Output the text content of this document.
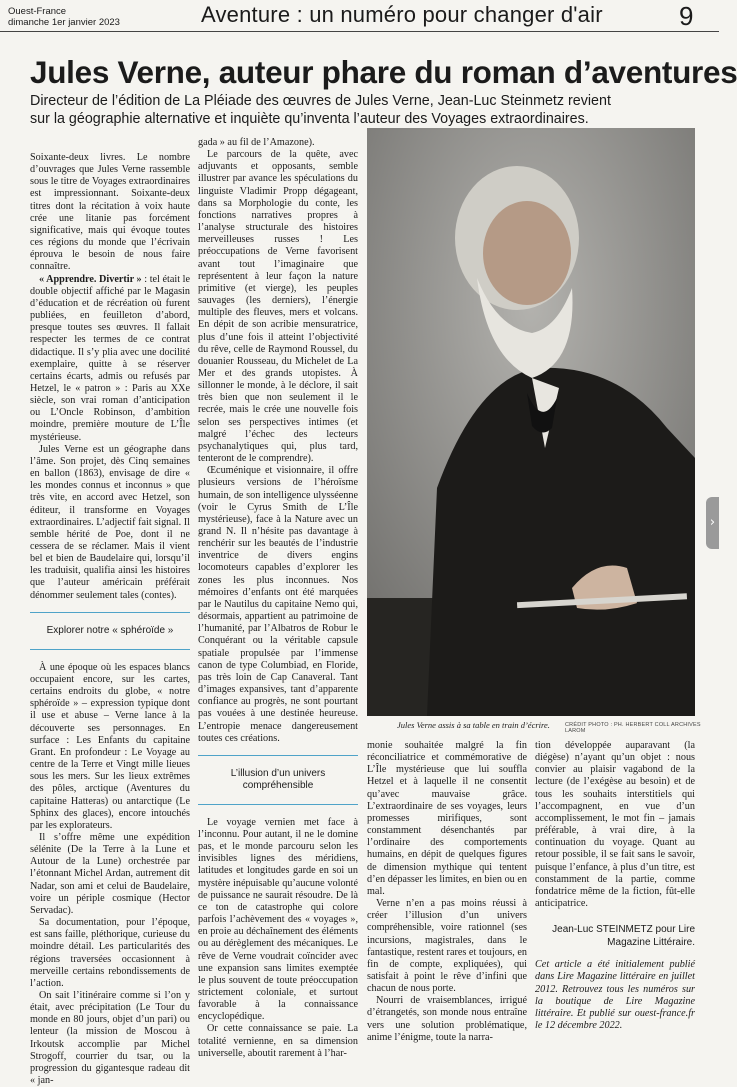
Ouest-France
dimanche 1er janvier 2023	Aventure : un numéro pour changer d'air	9
Jules Verne, auteur phare du roman d’aventures
Directeur de l’édition de La Pléiade des œuvres de Jules Verne, Jean-Luc Steinmetz revient sur la géographie alternative et inquiète qu’inventa l’auteur des Voyages extraordinaires.

Soixante-deux livres. Le nombre d’ouvrages que Jules Verne rassemble sous le titre de Voyages extraordinaires est impressionnant. Soixante-deux titres dont la récitation à voix haute crée une litanie pas forcément significative, mais qui évoque toutes ces régions du monde que l’écrivain éprouva le besoin de nous faire connaître.

« Apprendre. Divertir » : tel était le double objectif affiché par le Magasin d’éducation et de récréation où furent publiées, en feuilleton d’abord, presque toutes ses œuvres. Il fallait respecter les termes de ce contrat didactique. Il s’y plia avec une docilité exemplaire, quitte à se réserver certains écarts, admis ou refusés par Hetzel, le « patron » : Paris au XXe siècle, son vrai roman d’anticipation ou L’Oncle Robinson, d’ambition moindre, première mouture de L’Île mystérieuse.

Jules Verne est un géographe dans l’âme. Son projet, dès Cinq semaines en ballon (1863), envisage de dire « les mondes connus et inconnus » que très vite, en accord avec Hetzel, son éditeur, il transforme en Voyages extraordinaires. L’adjectif fait signal. Il semble hérité de Poe, dont il ne cessera de se réclamer. Mais il vient bel et bien de Baudelaire qui, lorsqu’il les traduisit, qualifia ainsi les histoires que l’auteur américain préférait dénommer seulement tales (contes).

Explorer notre « sphéroïde »

À une époque où les espaces blancs occupaient encore, sur les cartes, certains endroits du globe, « notre sphéroïde » – expression typique dont il use et abuse – Verne lance à la découverte ses personnages. En surface : Les Enfants du capitaine Grant. En profondeur : Le Voyage au centre de la Terre et Vingt mille lieues sous les mers. Sur les lieux extrêmes des pôles, arctique (Aventures du capitaine Hatteras) ou antarctique (Le Sphinx des glaces), encore intouchés par les explorateurs.

Il s’offre même une expédition sélénite (De la Terre à la Lune et Autour de la Lune) orchestrée par l’étonnant Michel Ardan, autrement dit Nadar, son ami et celui de Baudelaire, voire un périple cosmique (Hector Servadac).

Sa documentation, pour l’époque, est sans faille, pléthorique, curieuse du moindre détail. Les particularités des régions traversées occasionnent à merveille certains rebondissements de l’action.

On sait l’itinéraire comme si l’on y était, avec précipitation (Le Tour du monde en 80 jours, objet d’un pari) ou lenteur (la mission de Moscou à Irkoutsk accomplie par Michel Strogoff, courrier du tsar, ou la progression du gigantesque radeau dit « jan-

gada » au fil de l’Amazone).

Le parcours de la quête, avec adjuvants et opposants, semble illustrer par avance les spéculations du linguiste Vladimir Propp dégageant, dans sa Morphologie du conte, les fonctions narratives propres à l’analyse structurale des histoires merveilleuses russes ! Les préoccupations de Verne favorisent avant tout l’imaginaire que représentent à leur façon la nature primitive (et vierge), les peuples sauvages (les derniers), l’énergie multiple des fleuves, mers et volcans. En dépit de son acribie mensuratrice, plus d’une fois il atteint l’objectivité du rêve, celle de Raymond Roussel, du douanier Rousseau, du Michelet de La Mer et des grands utopistes. À sillonner le monde, à le déclore, il sait très bien que non seulement il le recrée, mais le crée une nouvelle fois selon ses perspectives intimes (et malgré l’échec des lecteurs psychanalytiques qui, plus tard, tenteront de le comprendre).

Œcuménique et visionnaire, il offre plusieurs versions de l’héroïsme humain, de son intelligence ulysséenne (voir le Cyrus Smith de L’Île mystérieuse), face à la Nature avec un grand N. Il n’hésite pas davantage à renchérir sur les beautés de l’industrie inventrice de divers engins locomoteurs capables d’explorer les zones les plus inconnues. Nos mémoires d’enfants ont été marquées par le Nautilus du capitaine Nemo qui, désormais, appartient au patrimoine de l’humanité, par l’Albatros de Robur le Conquérant ou la véritable capsule spatiale propulsée par l’immense canon de type Columbiad, en Floride, pas très loin de Cap Canaveral. Tant d’images expansives, tant d’apparente confiance au progrès, ne sont pourtant pas vouées à une destinée heureuse. L’entropie menace dangereusement toutes ces créations.

L’illusion d’un univers compréhensible

Le voyage vernien met face à l’inconnu. Pour autant, il ne le domine pas, et le monde parcouru selon les invisibles lignes des méridiens, latitudes et longitudes garde en soi un mystère inépuisable qu’aucune volonté de puissance ne saurait résoudre. De là ce ton de catastrophe qui colore parfois l’achèvement des « voyages », en proie au déchaînement des éléments ou au dérèglement des mécaniques. Le rêve de Verne voudrait coïncider avec une expansion sans limites exemptée le plus souvent de toute préoccupation strictement coloniale, et surtout favorable à la connaissance encyclopédique.

Or cette connaissance se paie. La totalité vernienne, en sa dimension universelle, aboutit rarement à l’har-

Jules Verne assis à sa table en train d’écrire.	CRÉDIT PHOTO : PH. HERBERT COLL ARCHIVES LAROM

monie souhaitée malgré la fin réconciliatrice et commémorative de L’Île mystérieuse que lui souffla Hetzel et à laquelle il ne consentit qu’avec mauvaise grâce. L’extraordinaire de ses voyages, leurs promesses mirifiques, sont constamment désenchantés par l’ordinaire des comportements humains, en dépit de quelques figures de dimension mythique qui tentent d’en dépasser les limites, en bien ou en mal.

Verne n’en a pas moins réussi à créer l’illusion d’un univers compréhensible, voire rationnel (ses incursions, magistrales, dans le fantastique, restent rares et toujours, en fin de compte, expliquées), qui satisfait à point le rêve d’infini que chacun de nous porte.

Nourri de vraisemblances, irrigué d’étrangetés, son monde nous entraîne vers une solution problématique, anime l’énigme, toute la narra-

tion développée auparavant (la diégèse) n’ayant qu’un objet : nous convier au plaisir vagabond de la lecture (de l’exégèse au besoin) et de tous les souhaits interstitiels qui l’accompagnent, en vue d’un accomplissement, le mot fin – jamais préférable, à vrai dire, à la continuation du voyage. Quant au retour possible, il se fait sans le savoir, puisque l’enfance, à plus d’un titre, est constamment de la partie, comme fondatrice même de la fiction, fût-elle anticipatrice.

Jean-Luc STEINMETZ pour Lire Magazine Littéraire.
Cet article a été initialement publié dans Lire Magazine littéraire en juillet 2012. Retrouvez tous les numéros sur la boutique de Lire Magazine littéraire. Et publié sur ouest-france.fr le 12 décembre 2022.
›
